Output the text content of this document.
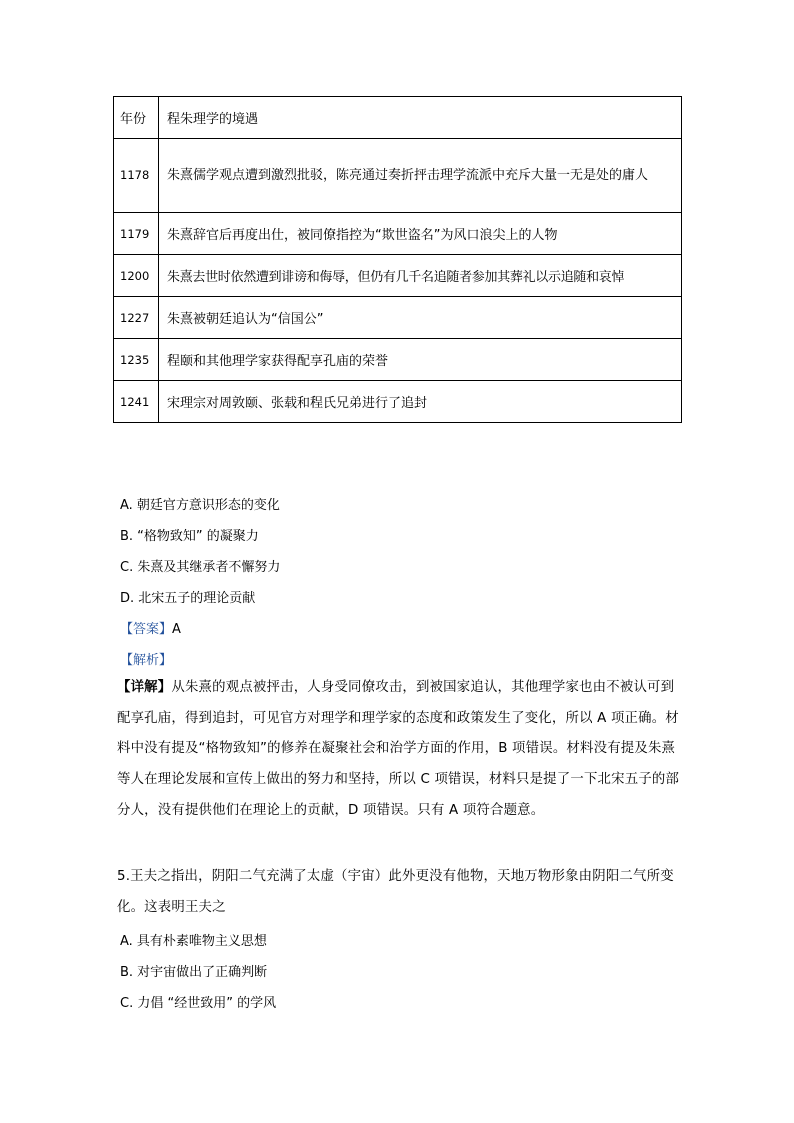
年份	程朱理学的境遇
1178	朱熹儒学观点遭到激烈批驳，陈亮通过奏折抨击理学流派中充斥大量一无是处的庸人
1179	朱熹辞官后再度出仕，被同僚指控为“欺世盗名”为风口浪尖上的人物
1200	朱熹去世时依然遭到诽谤和侮辱，但仍有几千名追随者参加其葬礼以示追随和哀悼
1227	朱熹被朝廷追认为“信国公”
1235	程颐和其他理学家获得配享孔庙的荣誉
1241	宋理宗对周敦颐、张载和程氏兄弟进行了追封
A. 朝廷官方意识形态的变化
B. “格物致知” 的凝聚力
C. 朱熹及其继承者不懈努力
D. 北宋五子的理论贡献
【答案】A
【解析】
【详解】从朱熹的观点被抨击，人身受同僚攻击，到被国家追认，其他理学家也由不被认可到配享孔庙，得到追封，可见官方对理学和理学家的态度和政策发生了变化，所以 A 项正确。材料中没有提及“格物致知”的修养在凝聚社会和治学方面的作用，B 项错误。材料没有提及朱熹等人在理论发展和宣传上做出的努力和坚持，所以 C 项错误，材料只是提了一下北宋五子的部分人，没有提供他们在理论上的贡献，D 项错误。只有 A 项符合题意。
5.王夫之指出，阴阳二气充满了太虚（宇宙）此外更没有他物，天地万物形象由阴阳二气所变化。这表明王夫之
A. 具有朴素唯物主义思想
B. 对宇宙做出了正确判断
C. 力倡 “经世致用” 的学风
